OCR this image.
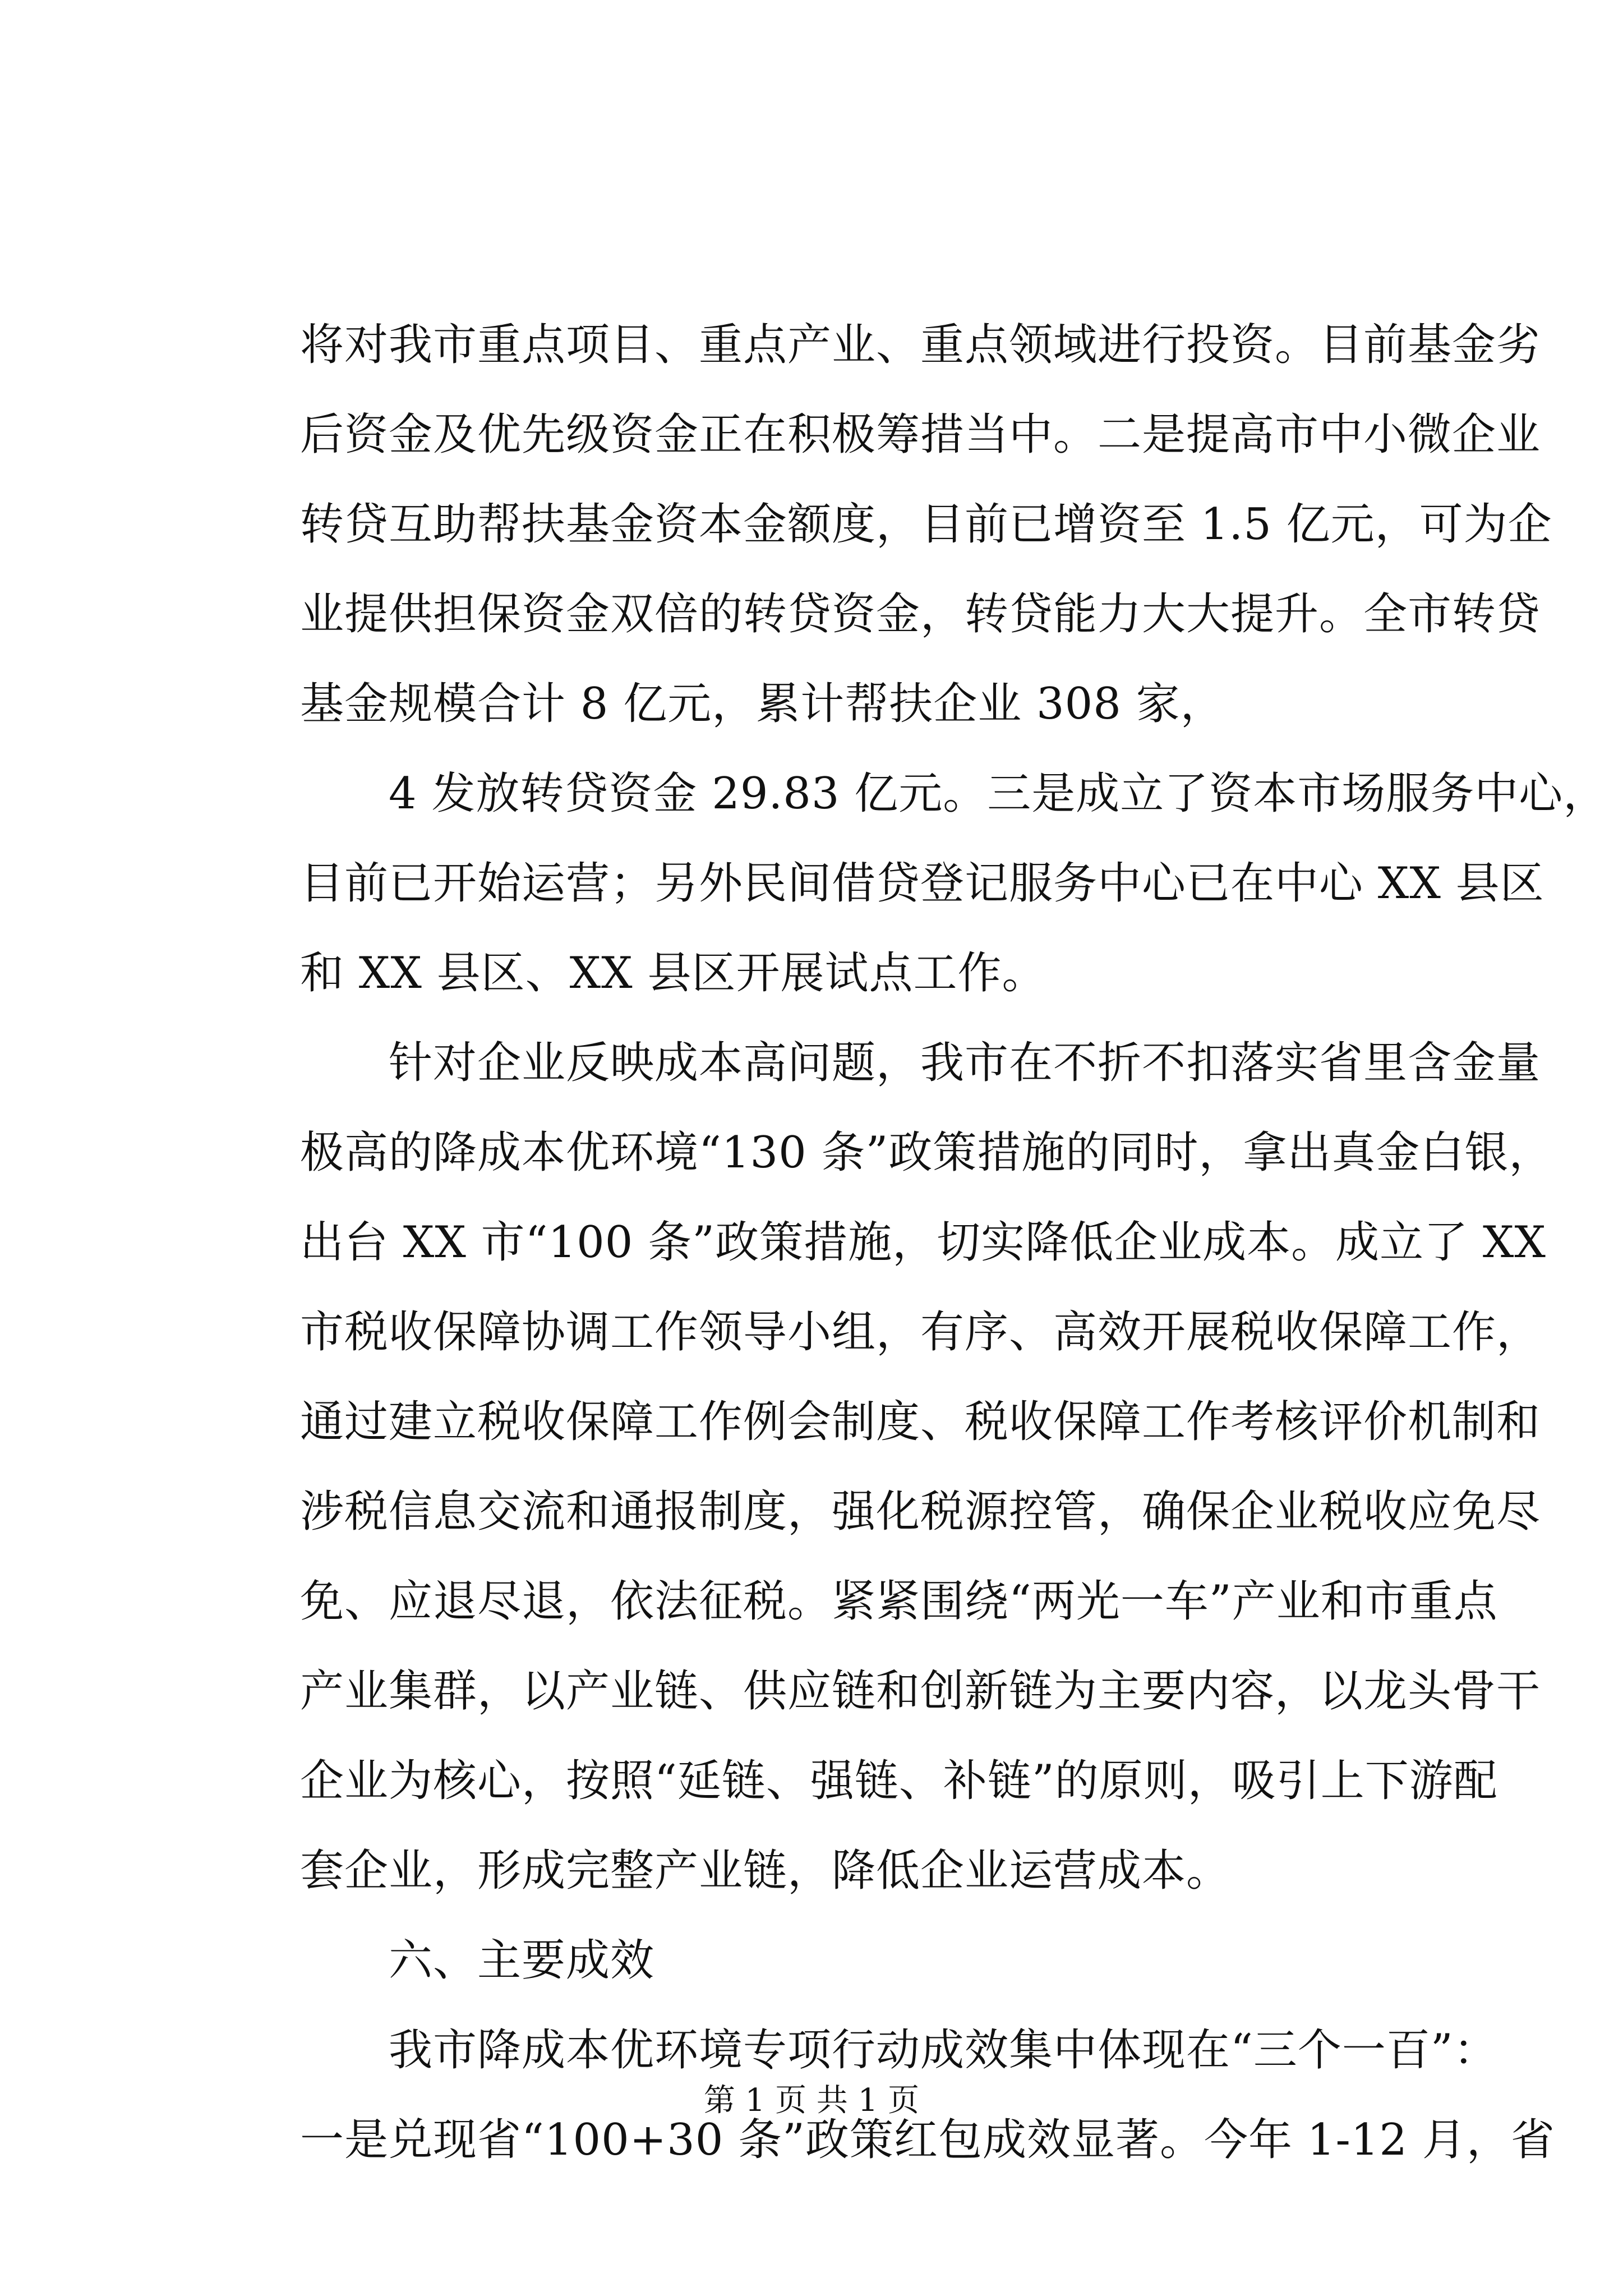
将对我市重点项目、重点产业、重点领域进行投资。目前基金劣
后资金及优先级资金正在积极筹措当中。二是提高市中小微企业
转贷互助帮扶基金资本金额度，目前已增资至 1.5 亿元，可为企
业提供担保资金双倍的转贷资金，转贷能力大大提升。全市转贷
基金规模合计 8 亿元，累计帮扶企业 308 家，
4 发放转贷资金 29.83 亿元。三是成立了资本市场服务中心，
目前已开始运营；另外民间借贷登记服务中心已在中心 XX 县区
和 XX 县区、XX 县区开展试点工作。
针对企业反映成本高问题，我市在不折不扣落实省里含金量
极高的降成本优环境“130 条”政策措施的同时，拿出真金白银，
出台 XX 市“100 条”政策措施，切实降低企业成本。成立了 XX
市税收保障协调工作领导小组，有序、高效开展税收保障工作，
通过建立税收保障工作例会制度、税收保障工作考核评价机制和
涉税信息交流和通报制度，强化税源控管，确保企业税收应免尽
免、应退尽退，依法征税。紧紧围绕“两光一车”产业和市重点
产业集群，以产业链、供应链和创新链为主要内容，以龙头骨干
企业为核心，按照“延链、强链、补链”的原则，吸引上下游配
套企业，形成完整产业链，降低企业运营成本。
六、主要成效
我市降成本优环境专项行动成效集中体现在“三个一百”：
一是兑现省“100+30 条”政策红包成效显著。今年 1-12 月，省
第 1 页 共 1 页
